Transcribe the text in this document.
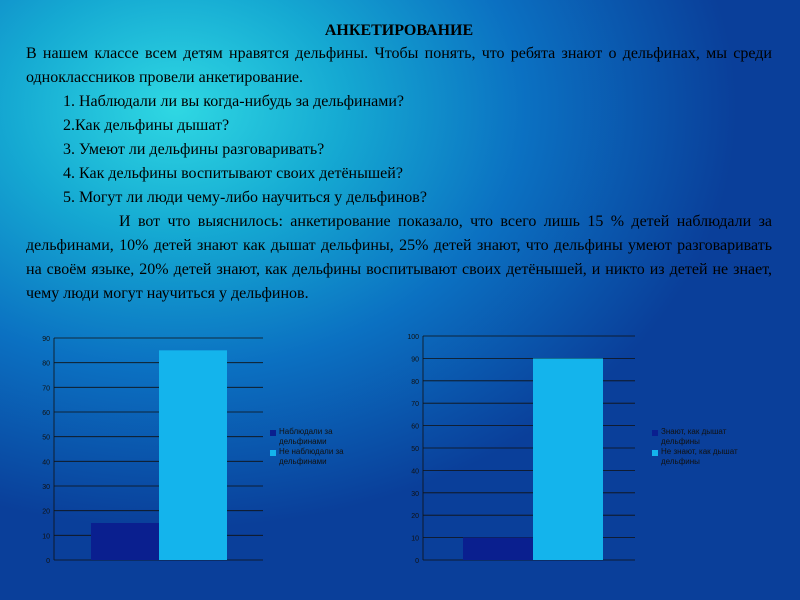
АНКЕТИРОВАНИЕ

В нашем классе всем детям нравятся дельфины. Чтобы понять, что ребята знают о дельфинах, мы среди одноклассников провели анкетирование.

1. Наблюдали ли вы когда-нибудь за дельфинами?

2.Как дельфины дышат?

3. Умеют ли дельфины разговаривать?

4. Как дельфины воспитывают своих детёнышей?

5. Могут ли люди чему-либо научиться у дельфинов?

И вот что выяснилось: анкетирование показало, что всего лишь 15 % детей наблюдали за дельфинами, 10% детей знают как дышат дельфины, 25% детей знают, что дельфины умеют разговаривать на своём языке, 20% детей знают, как дельфины воспитывают своих детёнышей, и никто из детей не знает, чему люди могут научиться у дельфинов.

0
10
20
30
40
50
60
70
80
90
Наблюдали за дельфинами
Не наблюдали за дельфинами
0
10
20
30
40
50
60
70
80
90
100
Знают, как дышат дельфины
Не знают, как дышат дельфины
